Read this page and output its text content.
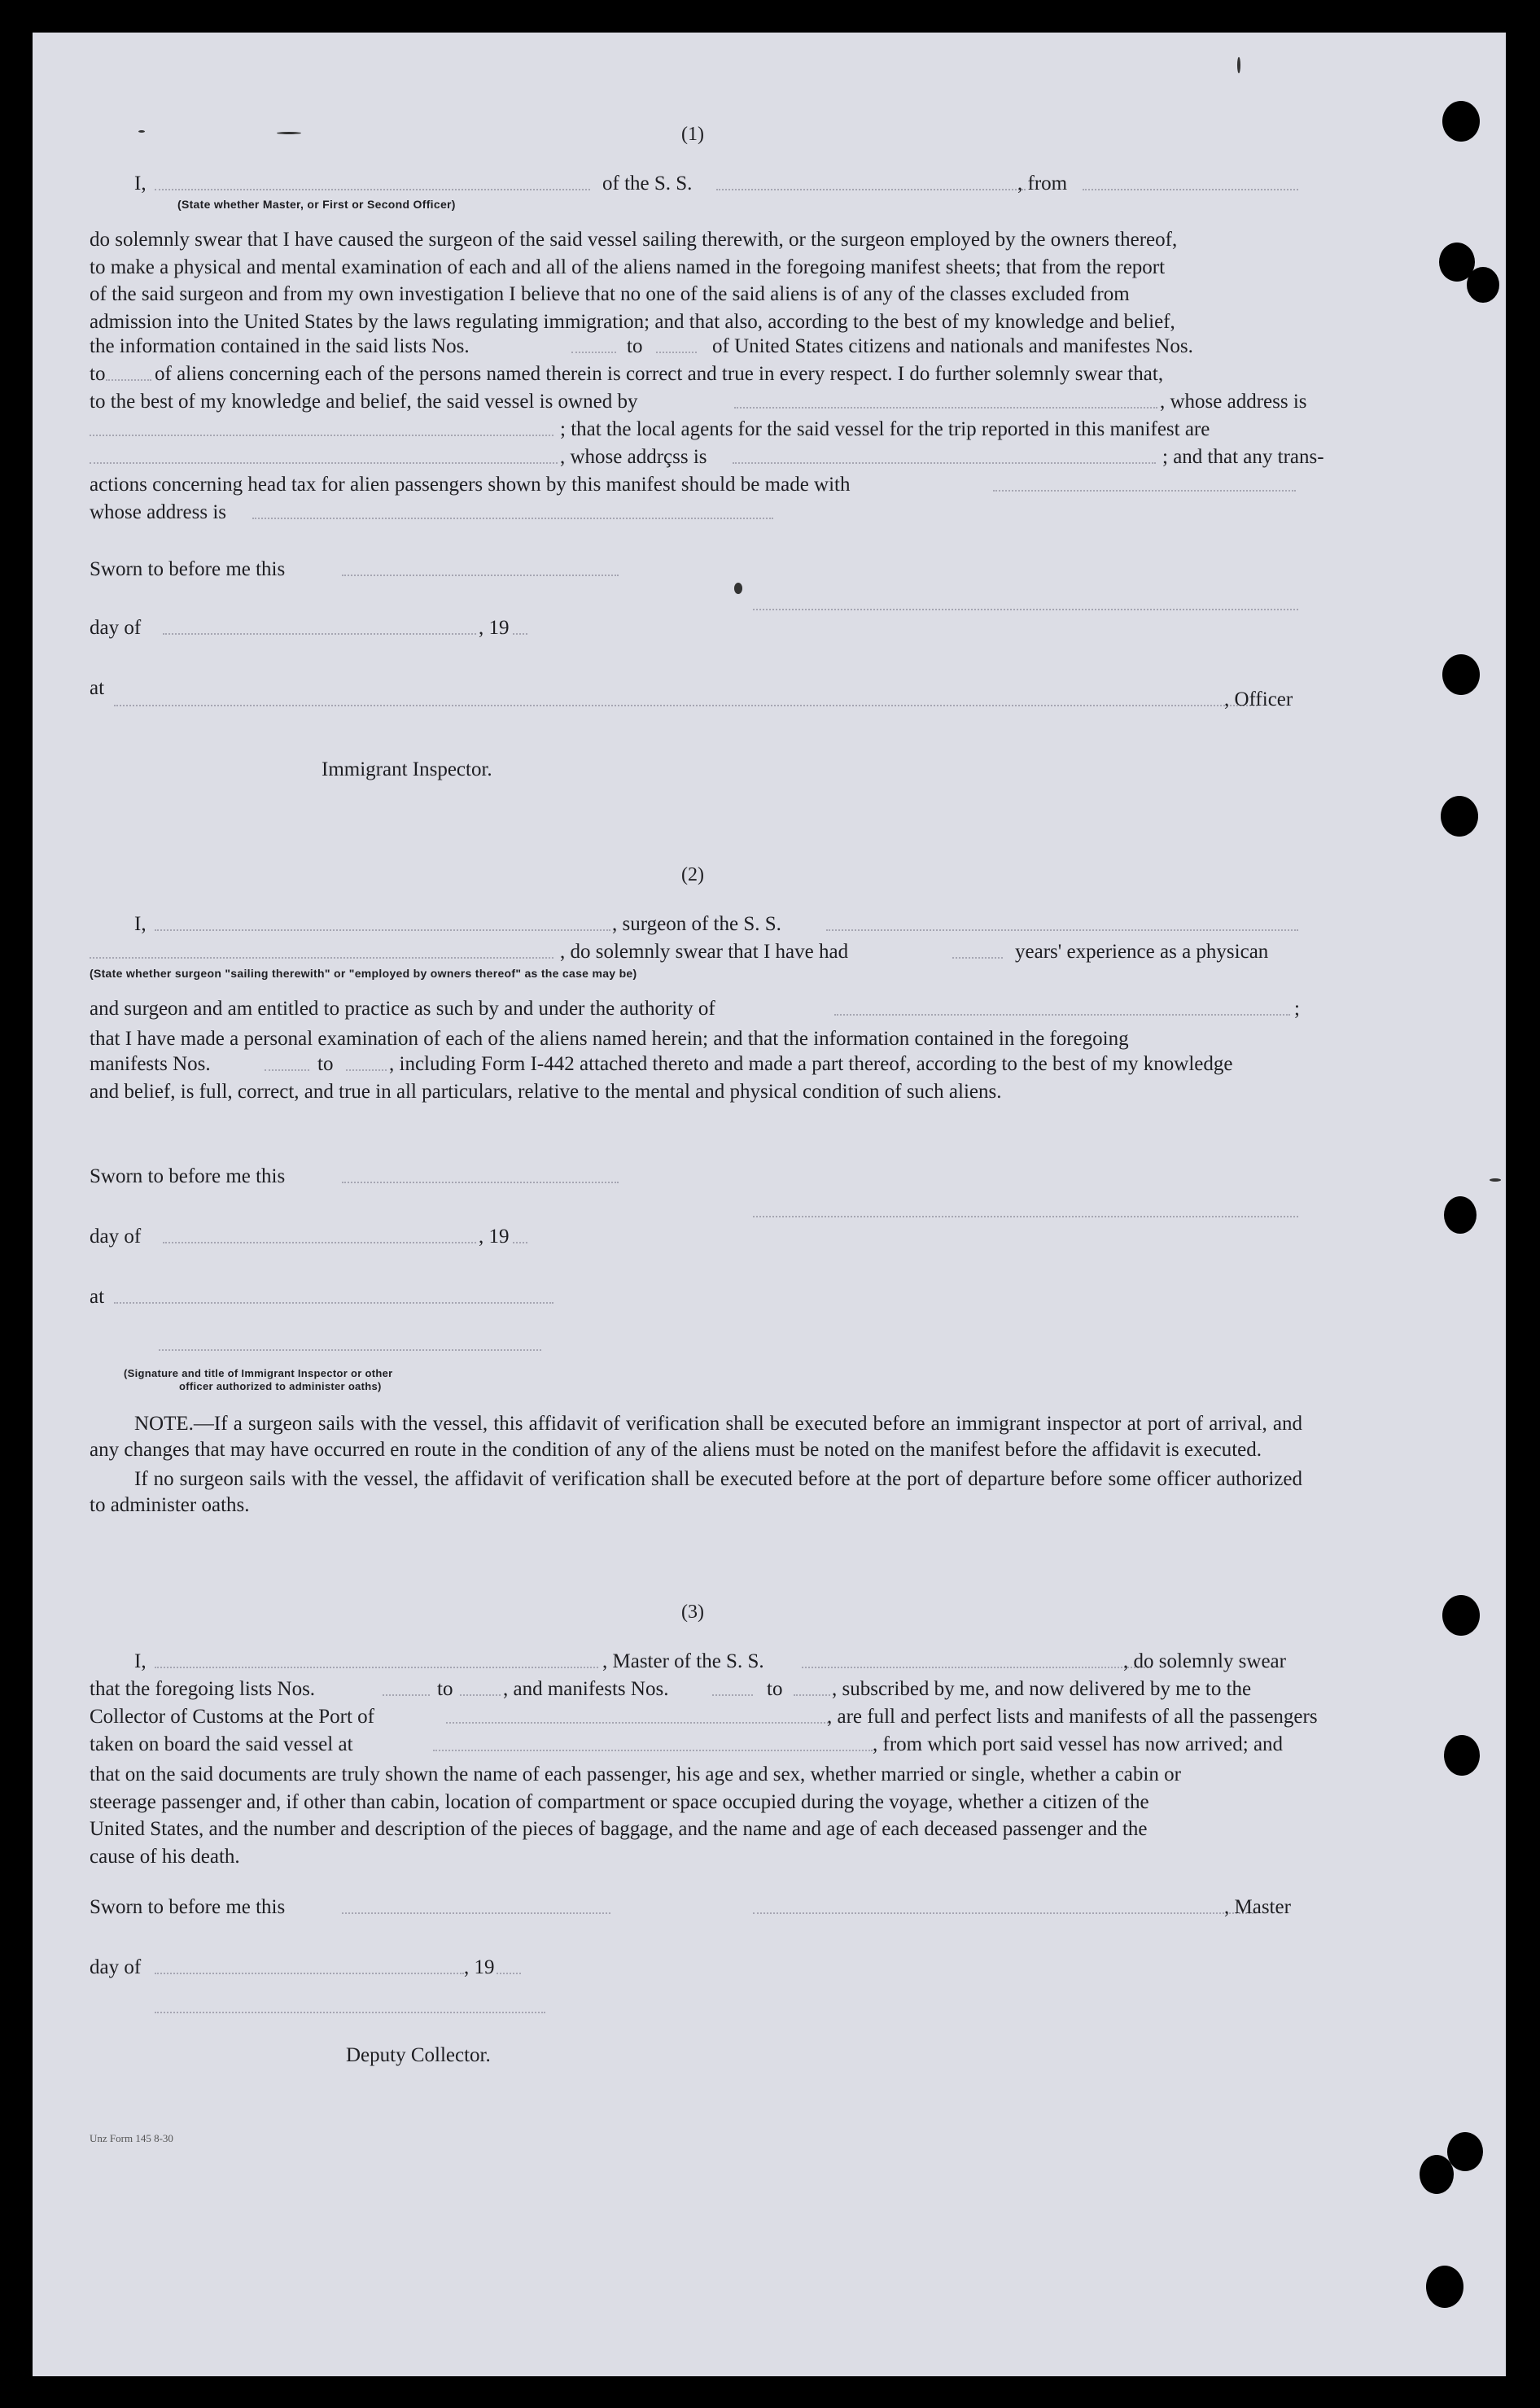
(1)
I,	of the S. S.	, from
(State whether Master, or First or Second Officer)

do solemnly swear that I have caused the surgeon of the said vessel sailing therewith, or the surgeon employed by the owners thereof,

to make a physical and mental examination of each and all of the aliens named in the foregoing manifest sheets; that from the report

of the said surgeon and from my own investigation I believe that no one of the said aliens is of any of the classes excluded from

admission into the United States by the laws regulating immigration; and that also, according to the best of my knowledge and belief,

the information contained in the said lists Nos.	to	of United States citizens and nationals and manifestes Nos.
to of aliens concerning each of the persons named therein is correct and true in every respect. I do further solemnly swear that,
to the best of my knowledge and belief, the said vessel is owned by	, whose address is
; that the local agents for the said vessel for the trip reported in this manifest are
, whose addrçss is	; and that any trans-
actions concerning head tax for alien passengers shown by this manifest should be made with
whose address is
Sworn to before me this
day of	, 19
at
, Officer
Immigrant Inspector.
(2)
I,	, surgeon of the S. S.
, do solemnly swear that I have had	years' experience as a physican
(State whether surgeon "sailing therewith" or "employed by owners thereof" as the case may be)
and surgeon and am entitled to practice as such by and under the authority of	;

that I have made a personal examination of each of the aliens named herein; and that the information contained in the foregoing

manifests Nos.	to	, including Form I-442 attached thereto and made a part thereof, according to the best of my knowledge
and belief, is full, correct, and true in all particulars, relative to the mental and physical condition of such aliens.
Sworn to before me this
day of	, 19
at
(Signature and title of Immigrant Inspector or other
officer authorized to administer oaths)

NOTE.—If a surgeon sails with the vessel, this affidavit of verification shall be executed before an immigrant inspector at port of arrival, and any changes that may have occurred en route in the condition of any of the aliens must be noted on the manifest before the affidavit is executed.

If no surgeon sails with the vessel, the affidavit of verification shall be executed before at the port of departure before some officer authorized to administer oaths.

(3)
I,	, Master of the S. S.	, do solemnly swear
that the foregoing lists Nos.	to , and manifests Nos.	to , subscribed by me, and now delivered by me to the
Collector of Customs at the Port of	, are full and perfect lists and manifests of all the passengers
taken on board the said vessel at	, from which port said vessel has now arrived; and

that on the said documents are truly shown the name of each passenger, his age and sex, whether married or single, whether a cabin or

steerage passenger and, if other than cabin, location of compartment or space occupied during the voyage, whether a citizen of the

United States, and the number and description of the pieces of baggage, and the name and age of each deceased passenger and the

cause of his death.

Sworn to before me this	, Master
day of	, 19
Deputy Collector.
Unz Form 145 8-30
